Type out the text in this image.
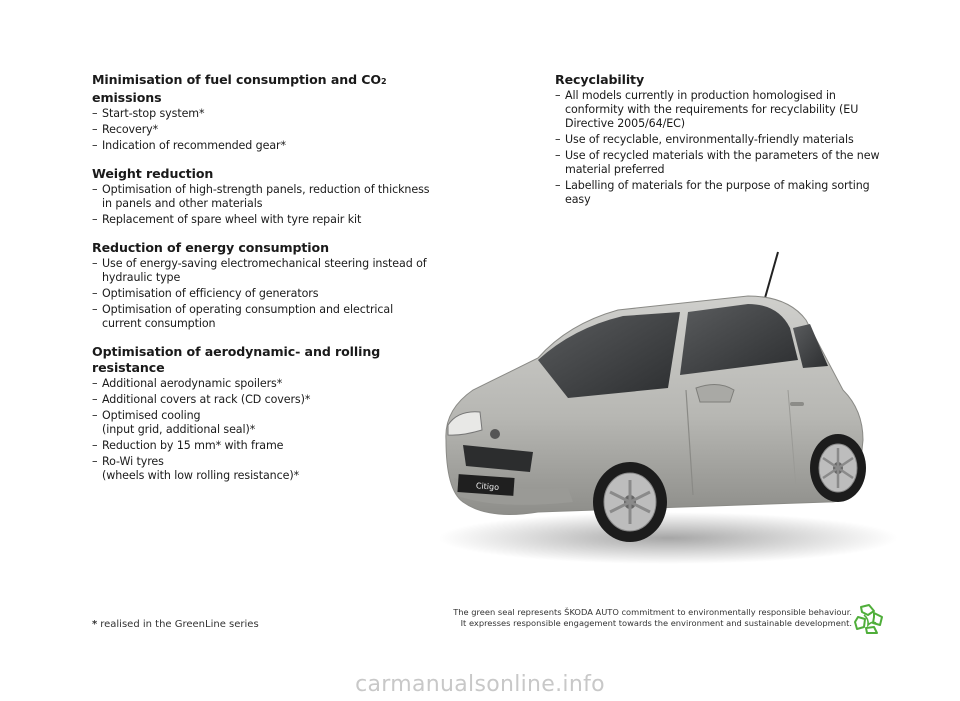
Minimisation of fuel consumption and CO2 emissions
– Start-stop system*
– Recovery*
– Indication of recommended gear*
Weight reduction
– Optimisation of high-strength panels, reduction of thickness in panels and other materials
– Replacement of spare wheel with tyre repair kit
Reduction of energy consumption
– Use of energy-saving electromechanical steering instead of hydraulic type
– Optimisation of efficiency of generators
– Optimisation of operating consumption and electrical current consumption
Optimisation of aerodynamic- and rolling resistance
– Additional aerodynamic spoilers*
– Additional covers at rack (CD covers)*
– Optimised cooling
(input grid, additional seal)*
– Reduction by 15 mm* with frame
– Ro-Wi tyres
(wheels with low rolling resistance)*
Recyclability
– All models currently in production homologised in conformity with the requirements for recyclability (EU Directive 2005/64/EC)
– Use of recyclable, environmentally-friendly materials
– Use of recycled materials with the parameters of the new material preferred
– Labelling of materials for the purpose of making sorting easy
Citigo
* realised in the GreenLine series
The green seal represents ŠKODA AUTO commitment to environmentally responsible behaviour.
It expresses responsible engagement towards the environment and sustainable development.
carmanualsonline.info
